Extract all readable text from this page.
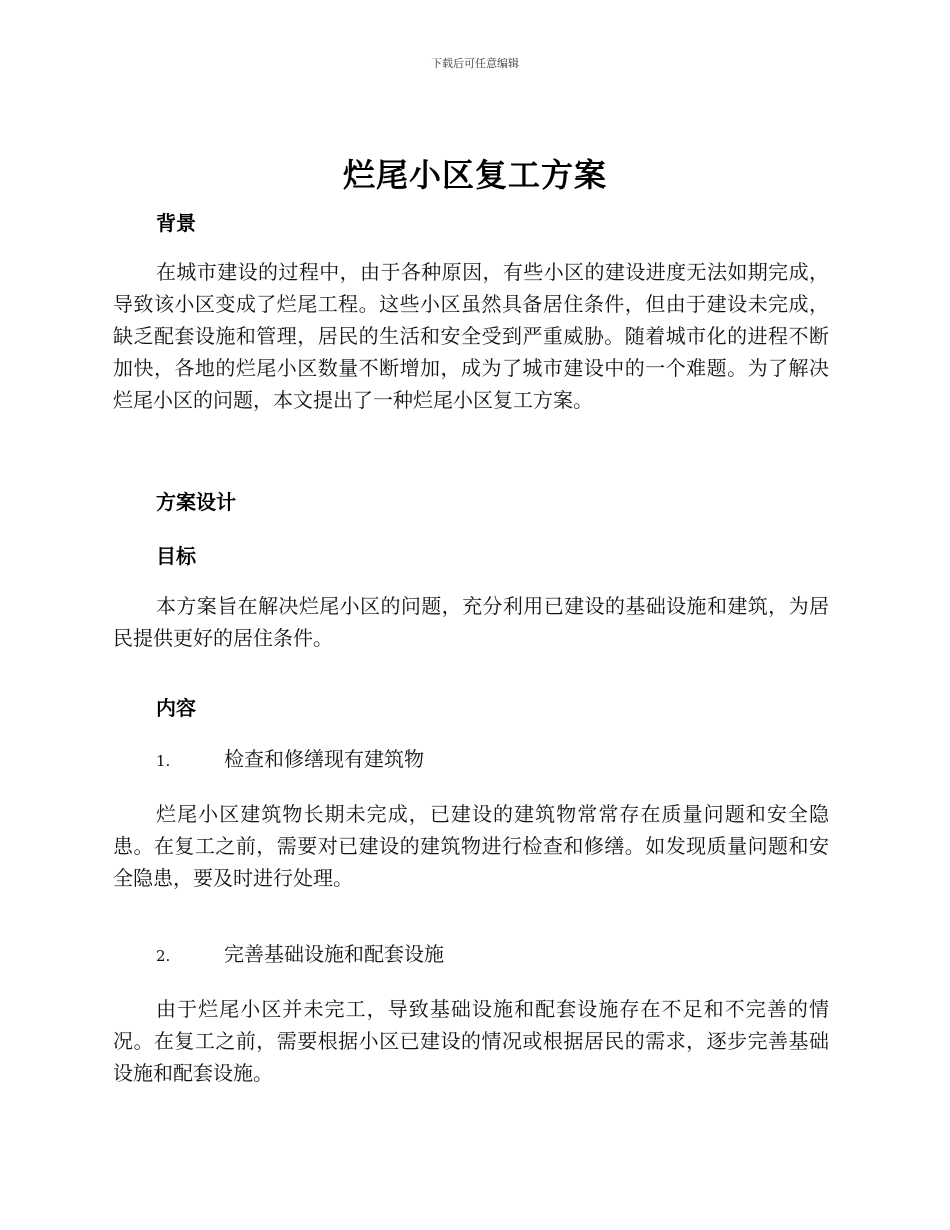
下载后可任意编辑
烂尾小区复工方案
背景
在城市建设的过程中，由于各种原因，有些小区的建设进度无法如期完成，导致该小区变成了烂尾工程。这些小区虽然具备居住条件，但由于建设未完成，缺乏配套设施和管理，居民的生活和安全受到严重威胁。随着城市化的进程不断加快，各地的烂尾小区数量不断增加，成为了城市建设中的一个难题。为了解决烂尾小区的问题，本文提出了一种烂尾小区复工方案。
方案设计
目标
本方案旨在解决烂尾小区的问题，充分利用已建设的基础设施和建筑，为居民提供更好的居住条件。
内容
1.	检查和修缮现有建筑物
烂尾小区建筑物长期未完成，已建设的建筑物常常存在质量问题和安全隐患。在复工之前，需要对已建设的建筑物进行检查和修缮。如发现质量问题和安全隐患，要及时进行处理。
2.	完善基础设施和配套设施
由于烂尾小区并未完工，导致基础设施和配套设施存在不足和不完善的情况。在复工之前，需要根据小区已建设的情况或根据居民的需求，逐步完善基础设施和配套设施。
